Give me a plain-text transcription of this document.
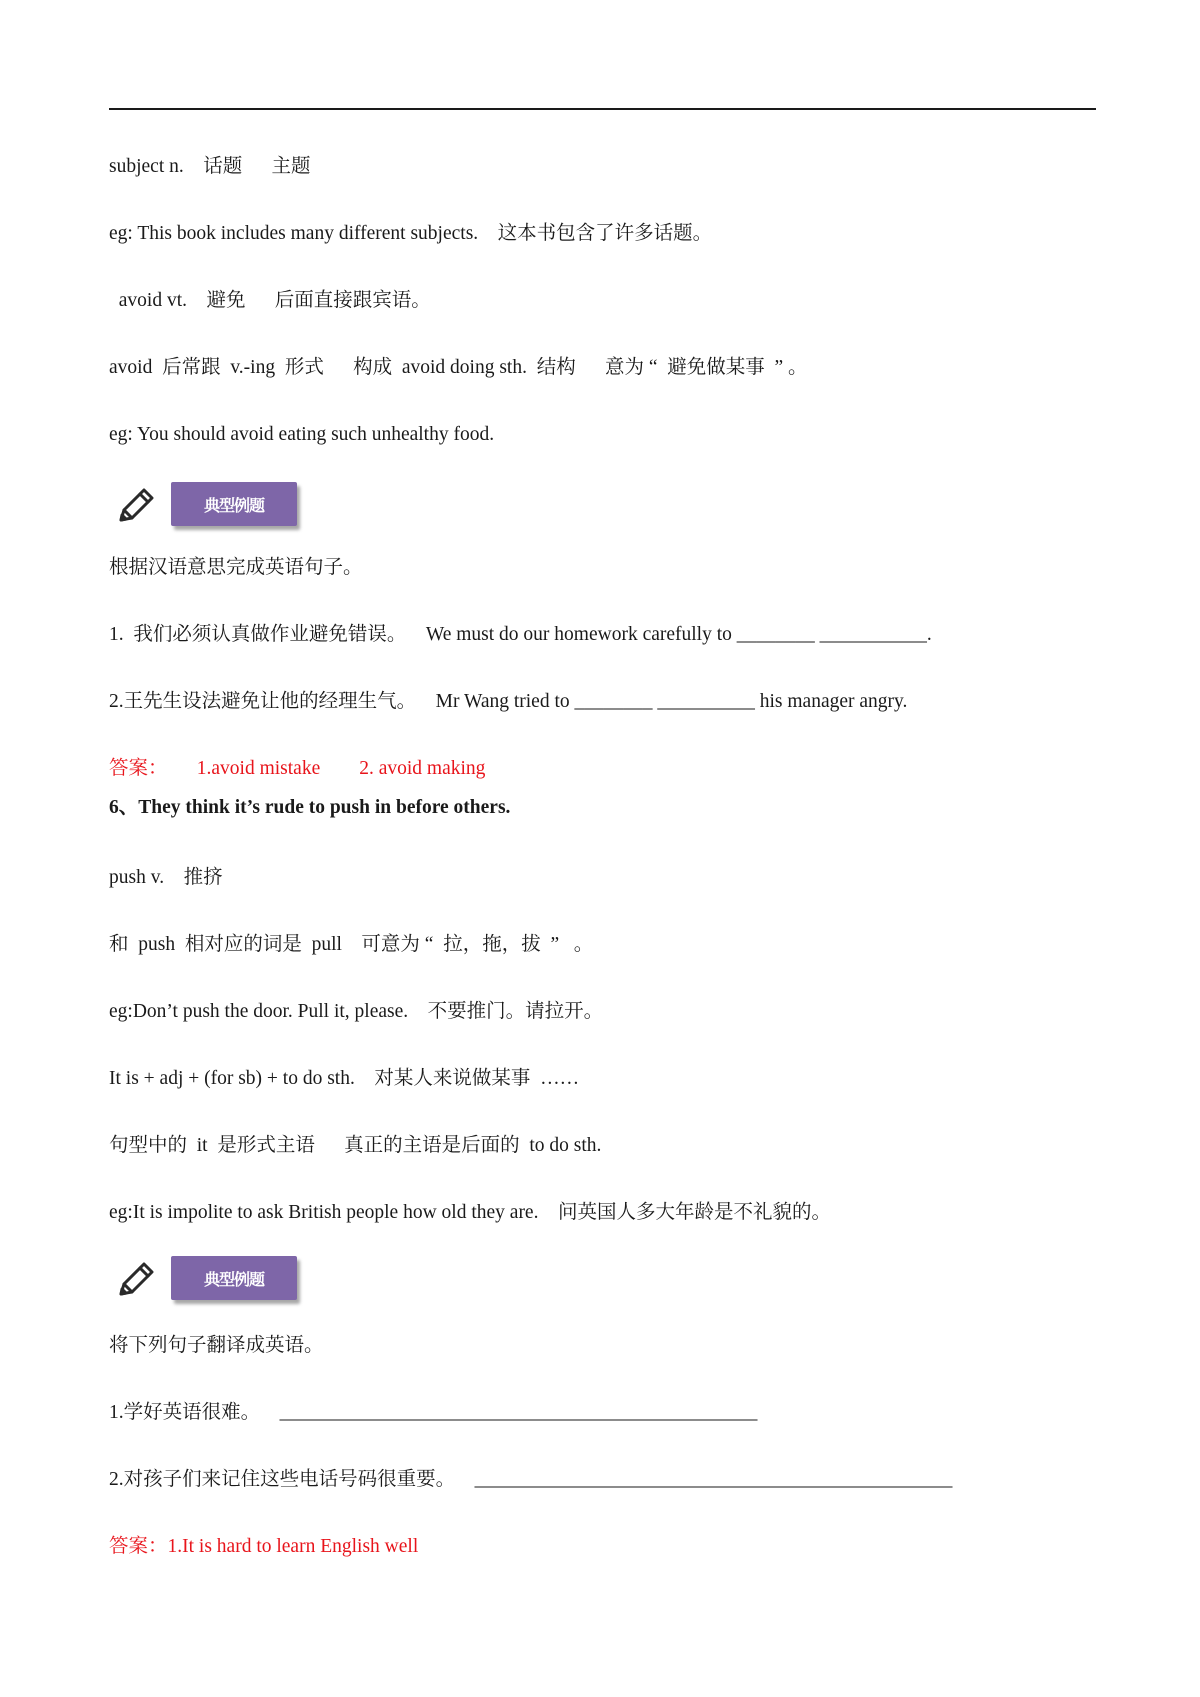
subject n.    话题      主题
eg: This book includes many different subjects.    这本书包含了许多话题。
avoid vt.    避免      后面直接跟宾语。
avoid  后常跟  v.-ing  形式      构成  avoid doing sth.  结构      意为 “  避免做某事  ” 。
eg: You should avoid eating such unhealthy food.
典型例题
根据汉语意思完成英语句子。
1.  我们必须认真做作业避免错误。    We must do our homework carefully to ________ ___________.
2.王先生设法避免让他的经理生气。    Mr Wang tried to ________ __________ his manager angry.
答案：      1.avoid mistake        2. avoid making
6、They think it’s rude to push in before others.
push v.    推挤
和  push  相对应的词是  pull    可意为 “  拉，拖，拔  ”   。
eg:Don’t push the door. Pull it, please.    不要推门。请拉开。
It is + adj + (for sb) + to do sth.    对某人来说做某事  ……
句型中的  it  是形式主语      真正的主语是后面的  to do sth.
eg:It is impolite to ask British people how old they are.    问英国人多大年龄是不礼貌的。
典型例题
将下列句子翻译成英语。
1.学好英语很难。    _________________________________________________
2.对孩子们来记住这些电话号码很重要。    _________________________________________________
答案：1.It is hard to learn English well
